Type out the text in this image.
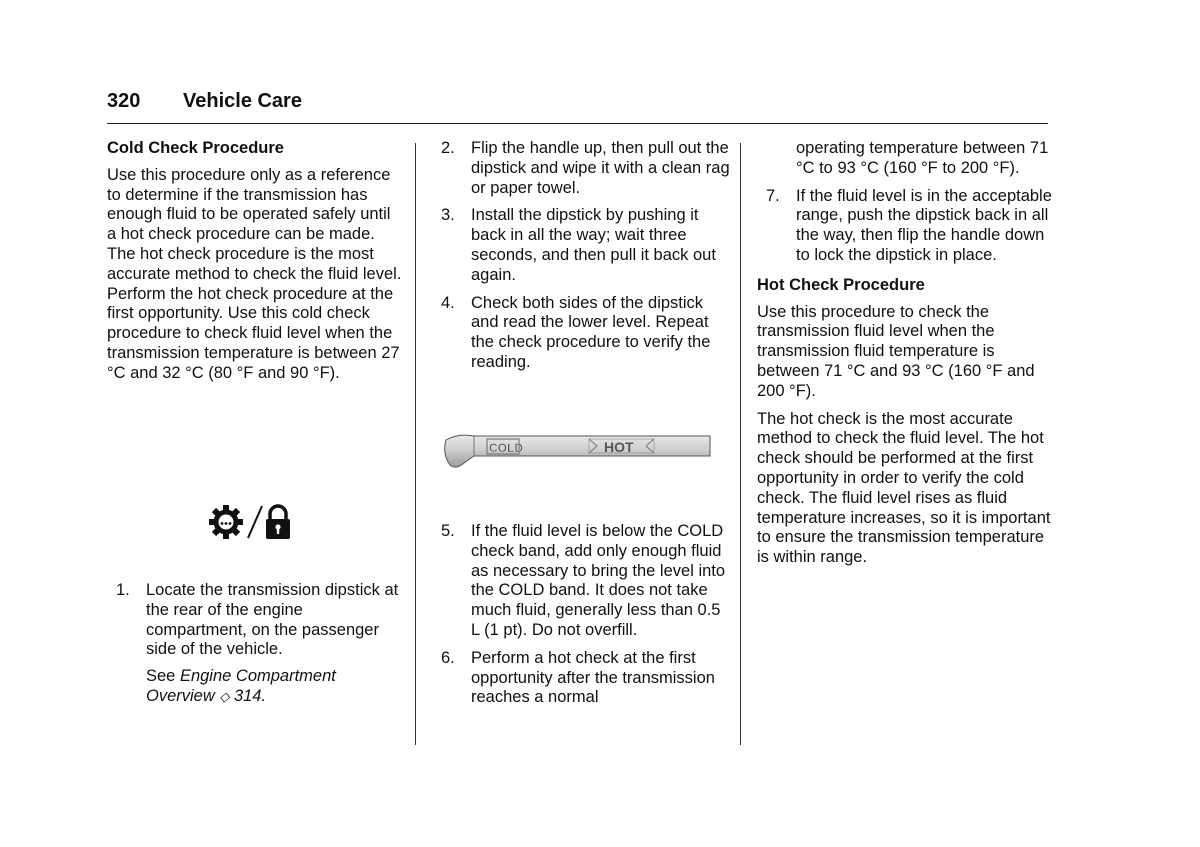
320 Vehicle Care
Cold Check Procedure

Use this procedure only as a reference to determine if the transmission has enough fluid to be operated safely until a hot check procedure can be made. The hot check procedure is the most accurate method to check the fluid level. Perform the hot check procedure at the first opportunity. Use this cold check procedure to check fluid level when the transmission temperature is between 27 °C and 32 °C (80 °F and 90 °F).

1. Locate the transmission dipstick at the rear of the engine compartment, on the passenger side of the vehicle.
See Engine Compartment Overview ◇ 314.
2. Flip the handle up, then pull out the dipstick and wipe it with a clean rag or paper towel.
3. Install the dipstick by pushing it back in all the way; wait three seconds, and then pull it back out again.
4. Check both sides of the dipstick and read the lower level. Repeat the check procedure to verify the reading.
COLD	HOT
5. If the fluid level is below the COLD check band, add only enough fluid as necessary to bring the level into the COLD band. It does not take much fluid, generally less than 0.5 L (1 pt). Do not overfill.
6. Perform a hot check at the first opportunity after the transmission reaches a normal
operating temperature between 71 °C to 93 °C (160 °F to 200 °F).
7. If the fluid level is in the acceptable range, push the dipstick back in all the way, then flip the handle down to lock the dipstick in place.
Hot Check Procedure

Use this procedure to check the transmission fluid level when the transmission fluid temperature is between 71 °C and 93 °C (160 °F and 200 °F).

The hot check is the most accurate method to check the fluid level. The hot check should be performed at the first opportunity in order to verify the cold check. The fluid level rises as fluid temperature increases, so it is important to ensure the transmission temperature is within range.
